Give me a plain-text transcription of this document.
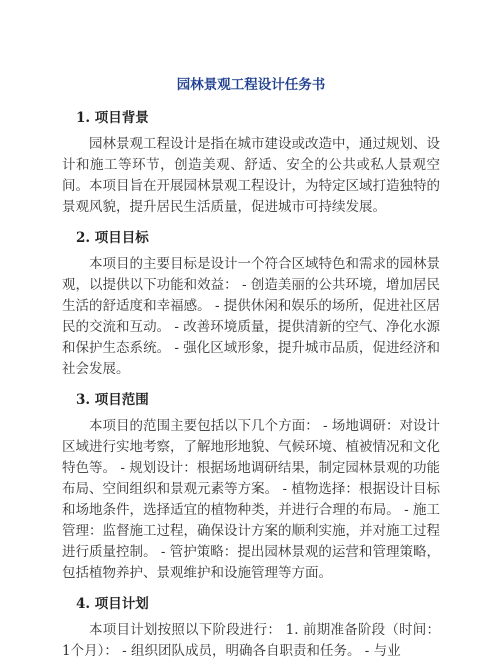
园林景观工程设计任务书
1. 项目背景

园林景观工程设计是指在城市建设或改造中，通过规划、设计和施工等环节，创造美观、舒适、安全的公共或私人景观空间。本项目旨在开展园林景观工程设计，为特定区域打造独特的景观风貌，提升居民生活质量，促进城市可持续发展。

2. 项目目标

本项目的主要目标是设计一个符合区域特色和需求的园林景观，以提供以下功能和效益： - 创造美丽的公共环境，增加居民生活的舒适度和幸福感。 - 提供休闲和娱乐的场所，促进社区居民的交流和互动。 - 改善环境质量，提供清新的空气、净化水源和保护生态系统。 - 强化区域形象，提升城市品质，促进经济和社会发展。

3. 项目范围

本项目的范围主要包括以下几个方面： - 场地调研：对设计区域进行实地考察，了解地形地貌、气候环境、植被情况和文化特色等。 - 规划设计：根据场地调研结果，制定园林景观的功能布局、空间组织和景观元素等方案。 - 植物选择：根据设计目标和场地条件，选择适宜的植物种类，并进行合理的布局。 - 施工管理：监督施工过程，确保设计方案的顺利实施，并对施工过程进行质量控制。 - 管护策略：提出园林景观的运营和管理策略，包括植物养护、景观维护和设施管理等方面。

4. 项目计划

本项目计划按照以下阶段进行： 1. 前期准备阶段（时间：1个月）： - 组织团队成员，明确各自职责和任务。 - 与业
